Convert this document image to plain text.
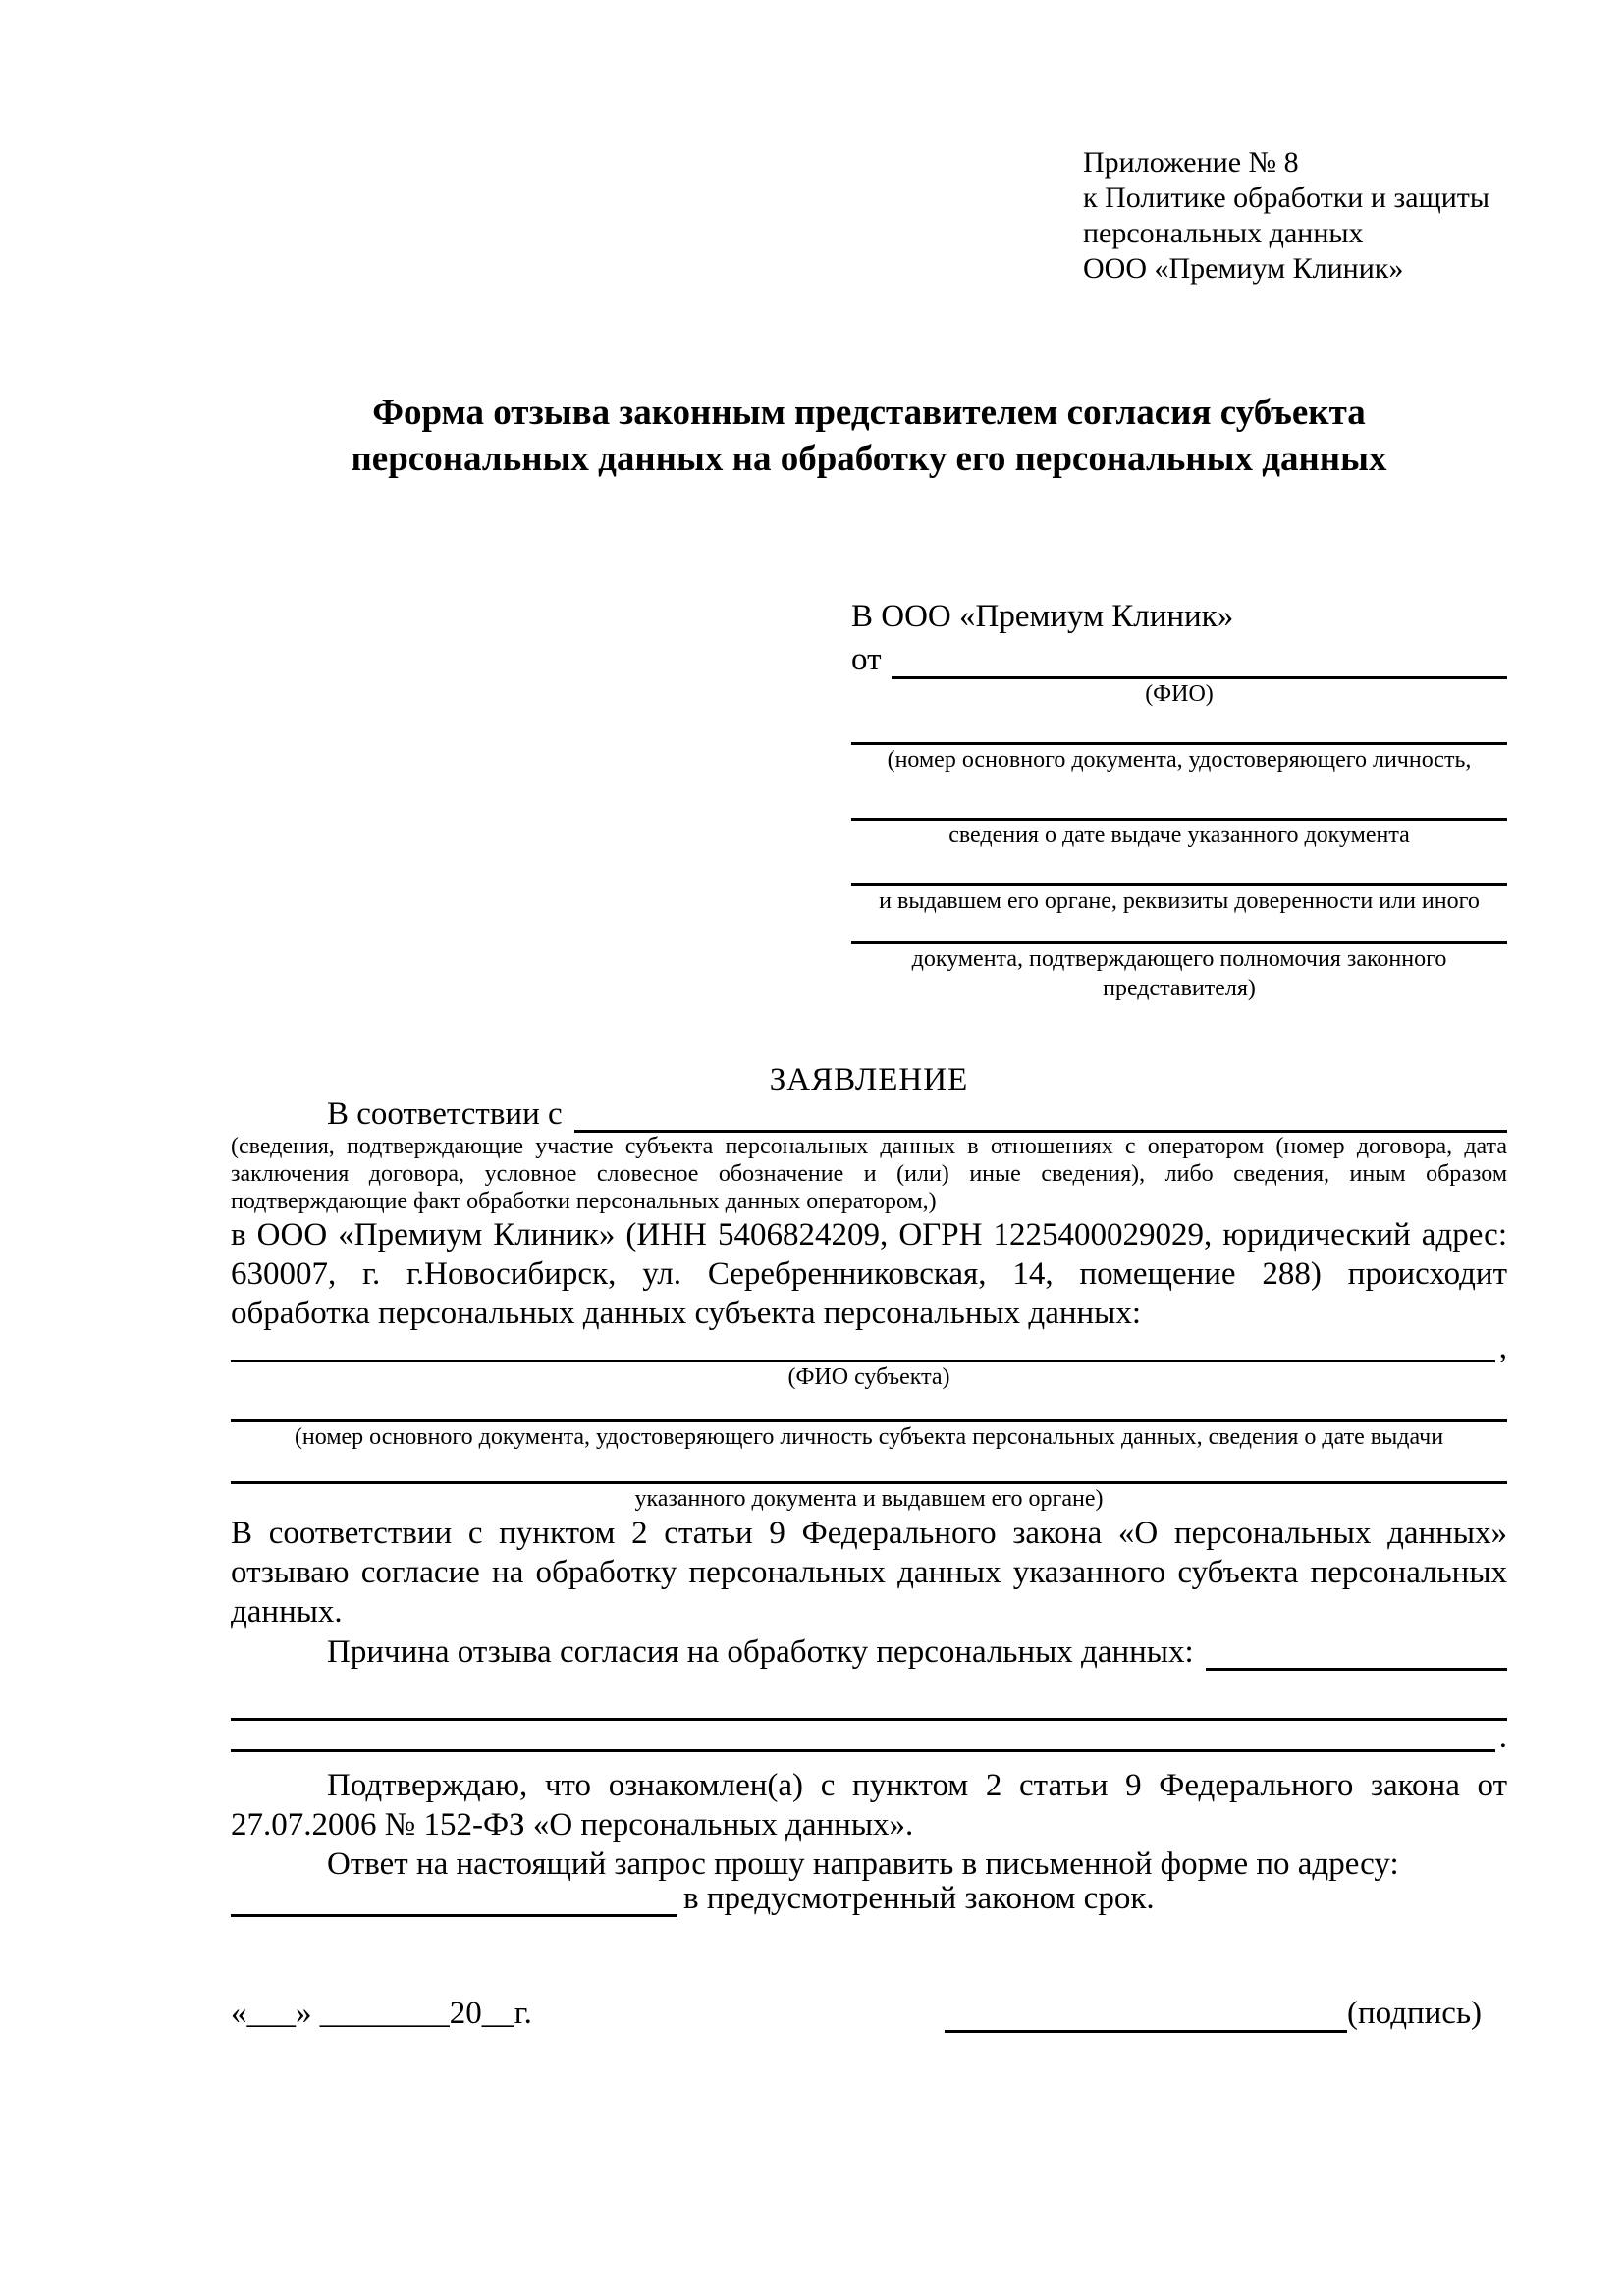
Приложение № 8
к Политике обработки и защиты
персональных данных
ООО «Премиум Клиник»
Форма отзыва законным представителем согласия субъекта персональных данных на обработку его персональных данных
В ООО «Премиум Клиник»
от
(ФИО)
(номер основного документа, удостоверяющего личность,
сведения о дате выдаче указанного документа
и выдавшем его органе, реквизиты доверенности или иного
документа, подтверждающего полномочия законного представителя)
ЗАЯВЛЕНИЕ
В соответствии с
(сведения, подтверждающие участие субъекта персональных данных в отношениях с оператором (номер договора, дата заключения договора, условное словесное обозначение и (или) иные сведения), либо сведения, иным образом подтверждающие факт обработки персональных данных оператором,)
в ООО «Премиум Клиник» (ИНН 5406824209, ОГРН 1225400029029, юридический адрес: 630007, г. г.Новосибирск, ул. Серебренниковская, 14, помещение 288) происходит обработка персональных данных субъекта персональных данных:
,
(ФИО субъекта)
(номер основного документа, удостоверяющего личность субъекта персональных данных, сведения о дате выдачи
указанного документа и выдавшем его органе)
В соответствии с пунктом 2 статьи 9 Федерального закона «О персональных данных» отзываю согласие на обработку персональных данных указанного субъекта персональных данных.
Причина отзыва согласия на обработку персональных данных:
.
Подтверждаю, что ознакомлен(а) с пунктом 2 статьи 9 Федерального закона от 27.07.2006 № 152-ФЗ «О персональных данных».
Ответ на настоящий запрос прошу направить в письменной форме по адресу:
в предусмотренный законом срок.
«___» ________20__г.	(подпись)
